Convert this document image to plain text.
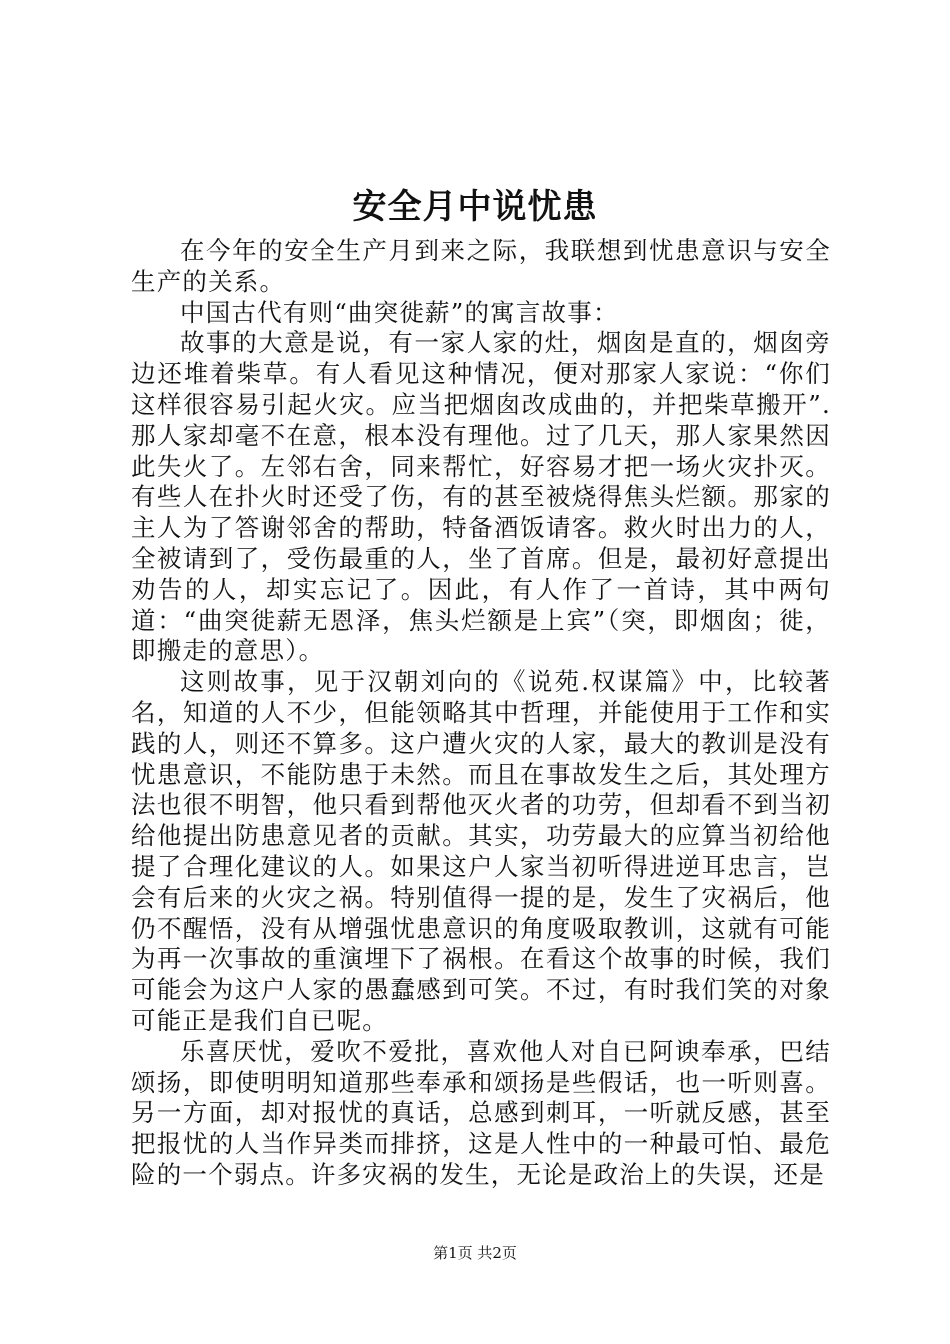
安全月中说忧患

在今年的安全生产月到来之际，我联想到忧患意识与安全生产的关系。

中国古代有则“曲突徙薪”的寓言故事：

故事的大意是说，有一家人家的灶，烟囱是直的，烟囱旁边还堆着柴草。有人看见这种情况，便对那家人家说：“你们这样很容易引起火灾。应当把烟囱改成曲的，并把柴草搬开”.那人家却毫不在意，根本没有理他。过了几天，那人家果然因此失火了。左邻右舍，同来帮忙，好容易才把一场火灾扑灭。有些人在扑火时还受了伤，有的甚至被烧得焦头烂额。那家的主人为了答谢邻舍的帮助，特备酒饭请客。救火时出力的人，全被请到了，受伤最重的人，坐了首席。但是，最初好意提出劝告的人，却实忘记了。因此，有人作了一首诗，其中两句道：“曲突徙薪无恩泽，焦头烂额是上宾”（突，即烟囱；徙，即搬走的意思）。

这则故事，见于汉朝刘向的《说苑.权谋篇》中，比较著名，知道的人不少，但能领略其中哲理，并能使用于工作和实践的人，则还不算多。这户遭火灾的人家，最大的教训是没有忧患意识，不能防患于未然。而且在事故发生之后，其处理方法也很不明智，他只看到帮他灭火者的功劳，但却看不到当初给他提出防患意见者的贡献。其实，功劳最大的应算当初给他提了合理化建议的人。如果这户人家当初听得进逆耳忠言，岂会有后来的火灾之祸。特别值得一提的是，发生了灾祸后，他仍不醒悟，没有从增强忧患意识的角度吸取教训，这就有可能为再一次事故的重演埋下了祸根。在看这个故事的时候，我们可能会为这户人家的愚蠢感到可笑。不过，有时我们笑的对象可能正是我们自已呢。

乐喜厌忧，爱吹不爱批，喜欢他人对自已阿谀奉承，巴结颂扬，即使明明知道那些奉承和颂扬是些假话，也一听则喜。另一方面，却对报忧的真话，总感到刺耳，一听就反感，甚至把报忧的人当作异类而排挤，这是人性中的一种最可怕、最危险的一个弱点。许多灾祸的发生，无论是政治上的失误，还是

第1页 共2页
